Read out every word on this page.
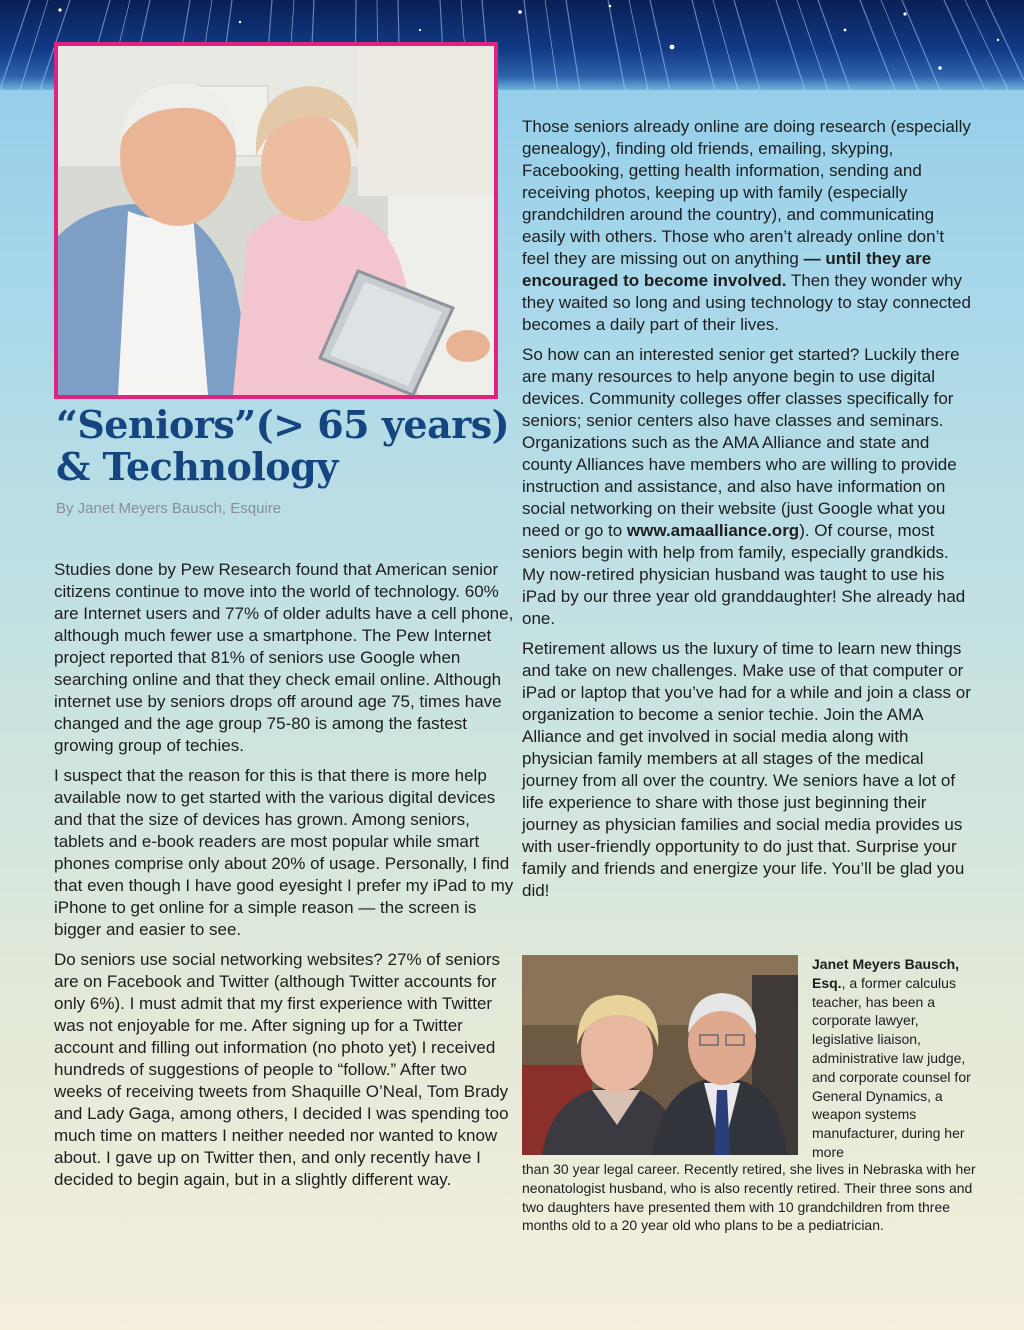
“Seniors”(> 65 years)
& Technology

By Janet Meyers Bausch, Esquire

Studies done by Pew Research found that American senior citizens continue to move into the world of technology. 60% are Internet users and 77% of older adults have a cell phone, although much fewer use a smartphone. The Pew Internet project reported that 81% of seniors use Google when searching online and that they check email online. Although internet use by seniors drops off around age 75, times have changed and the age group 75-80 is among the fastest growing group of techies.

I suspect that the reason for this is that there is more help available now to get started with the various digital devices and that the size of devices has grown. Among seniors, tablets and e-book readers are most popular while smart phones comprise only about 20% of usage. Personally, I find that even though I have good eyesight I prefer my iPad to my iPhone to get online for a simple reason — the screen is bigger and easier to see.

Do seniors use social networking websites? 27% of seniors are on Facebook and Twitter (although Twitter accounts for only 6%). I must admit that my first experience with Twitter was not enjoyable for me. After signing up for a Twitter account and filling out information (no photo yet) I received hundreds of suggestions of people to “follow.” After two weeks of receiving tweets from Shaquille O’Neal, Tom Brady and Lady Gaga, among others, I decided I was spending too much time on matters I neither needed nor wanted to know about. I gave up on Twitter then, and only recently have I decided to begin again, but in a slightly different way.

Those seniors already online are doing research (especially genealogy), finding old friends, emailing, skyping, Facebooking, getting health information, sending and receiving photos, keeping up with family (especially grandchildren around the country), and communicating easily with others. Those who aren’t already online don’t feel they are missing out on anything — until they are encouraged to become involved. Then they wonder why they waited so long and using technology to stay connected becomes a daily part of their lives.

So how can an interested senior get started? Luckily there are many resources to help anyone begin to use digital devices. Community colleges offer classes specifically for seniors; senior centers also have classes and seminars. Organizations such as the AMA Alliance and state and county Alliances have members who are willing to provide instruction and assistance, and also have information on social networking on their website (just Google what you need or go to www.amaalliance.org). Of course, most seniors begin with help from family, especially grandkids. My now-retired physician husband was taught to use his iPad by our three year old granddaughter! She already had one.

Retirement allows us the luxury of time to learn new things and take on new challenges. Make use of that computer or iPad or laptop that you’ve had for a while and join a class or organization to become a senior techie. Join the AMA Alliance and get involved in social media along with physician family members at all stages of the medical journey from all over the country. We seniors have a lot of life experience to share with those just beginning their journey as physician families and social media provides us with user-friendly opportunity to do just that. Surprise your family and friends and energize your life. You’ll be glad you did!

Janet Meyers Bausch, Esq., a former calculus teacher, has been a corporate lawyer, legislative liaison, administrative law judge, and corporate counsel for General Dynamics, a weapon systems manufacturer, during her more
than 30 year legal career. Recently retired, she lives in Nebraska with her neonatologist husband, who is also recently retired. Their three sons and two daughters have presented them with 10 grandchildren from three months old to a 20 year old who plans to be a pediatrician.
